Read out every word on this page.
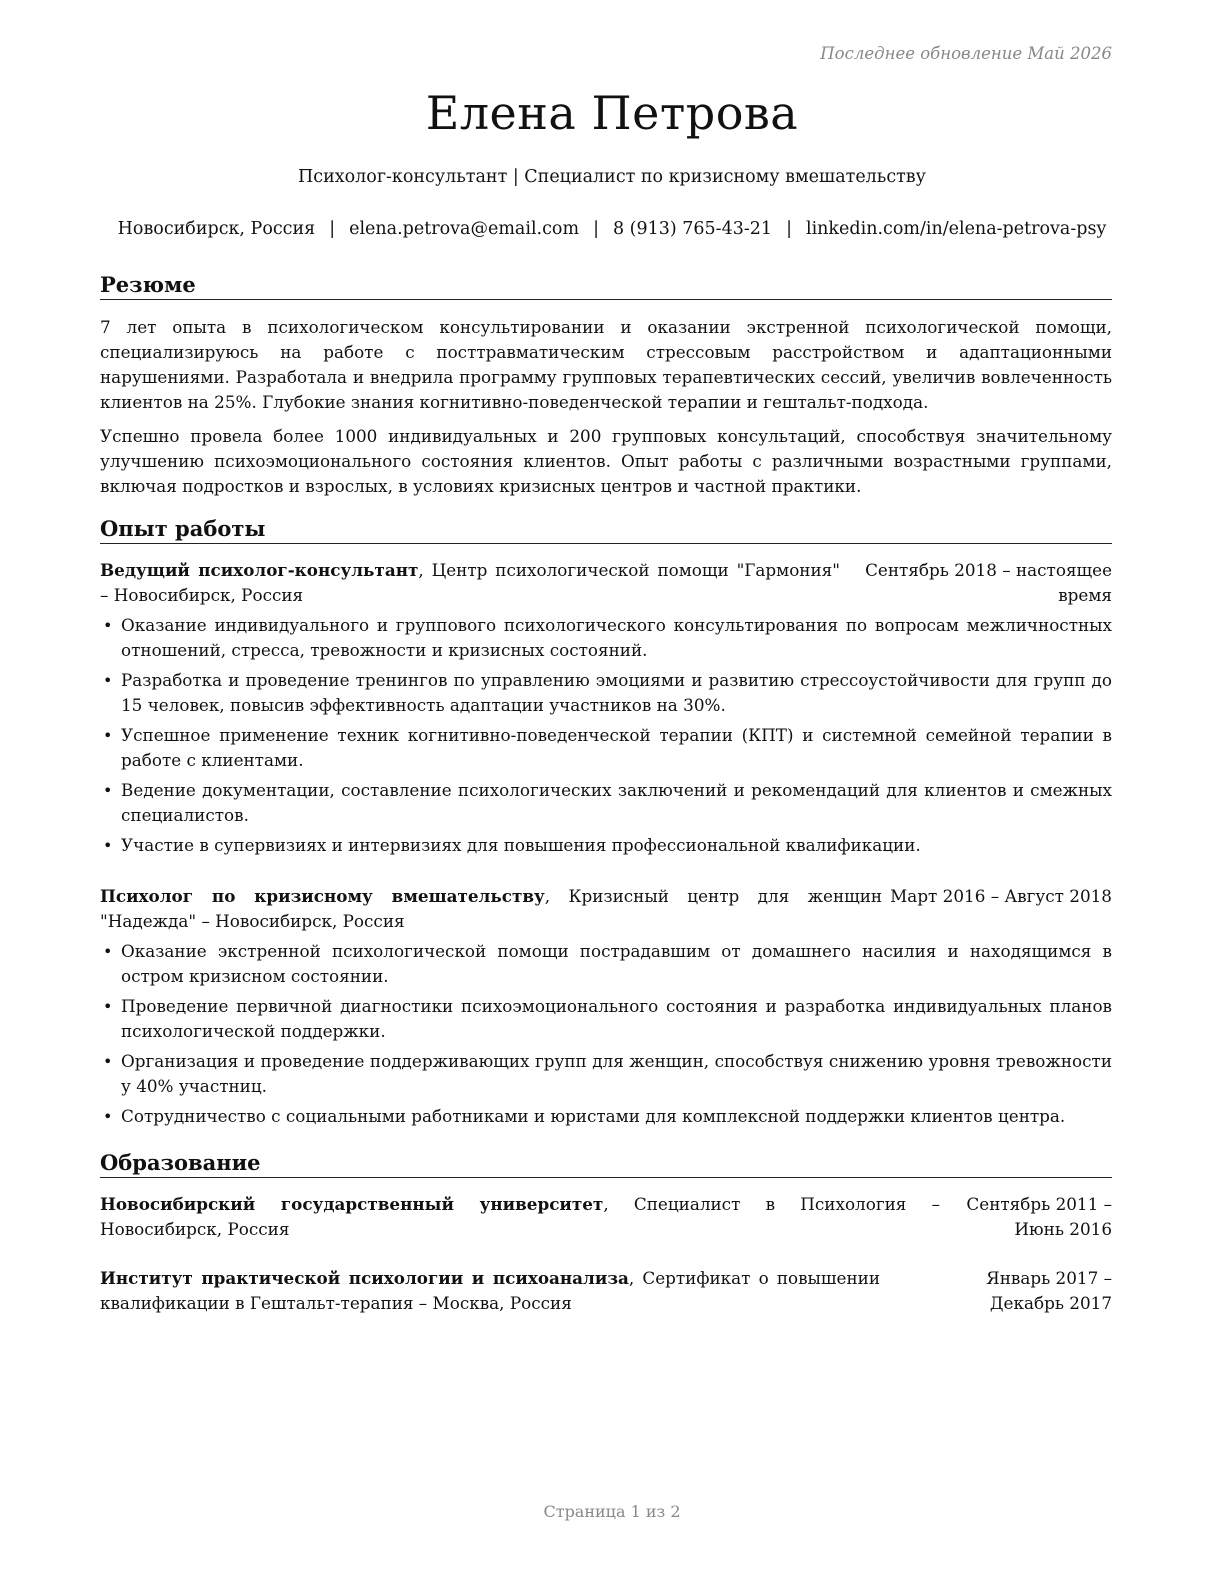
Последнее обновление Май 2026
Елена Петрова
Психолог-консультант | Специалист по кризисному вмешательству
Новосибирск, Россия | elena.petrova@email.com | 8 (913) 765-43-21 | linkedin.com/in/elena-petrova-psy
Резюме
7 лет опыта в психологическом консультировании и оказании экстренной психологической помощи, специализируюсь на работе с посттравматическим стрессовым расстройством и адаптационными нарушениями. Разработала и внедрила программу групповых терапевтических сессий, увеличив вовлеченность клиентов на 25%. Глубокие знания когнитивно-поведенческой терапии и гештальт-подхода.
Успешно провела более 1000 индивидуальных и 200 групповых консультаций, способствуя значительному улучшению психоэмоционального состояния клиентов. Опыт работы с различными возрастными группами, включая подростков и взрослых, в условиях кризисных центров и частной практики.
Опыт работы
Ведущий психолог-консультант, Центр психологической помощи "Гармония" – Новосибирск, Россия
Сентябрь 2018 – настоящее время
• Оказание индивидуального и группового психологического консультирования по вопросам межличностных отношений, стресса, тревожности и кризисных состояний.
• Разработка и проведение тренингов по управлению эмоциями и развитию стрессоустойчивости для групп до 15 человек, повысив эффективность адаптации участников на 30%.
• Успешное применение техник когнитивно-поведенческой терапии (КПТ) и системной семейной терапии в работе с клиентами.
• Ведение документации, составление психологических заключений и рекомендаций для клиентов и смежных специалистов.
• Участие в супервизиях и интервизиях для повышения профессиональной квалификации.
Психолог по кризисному вмешательству, Кризисный центр для женщин "Надежда" – Новосибирск, Россия
Март 2016 – Август 2018
• Оказание экстренной психологической помощи пострадавшим от домашнего насилия и находящимся в остром кризисном состоянии.
• Проведение первичной диагностики психоэмоционального состояния и разработка индивидуальных планов психологической поддержки.
• Организация и проведение поддерживающих групп для женщин, способствуя снижению уровня тревожности у 40% участниц.
• Сотрудничество с социальными работниками и юристами для комплексной поддержки клиентов центра.
Образование
Новосибирский государственный университет, Специалист в Психология – Новосибирск, Россия
Сентябрь 2011 – Июнь 2016
Институт практической психологии и психоанализа, Сертификат о повышении квалификации в Гештальт-терапия – Москва, Россия
Январь 2017 – Декабрь 2017
Страница 1 из 2
